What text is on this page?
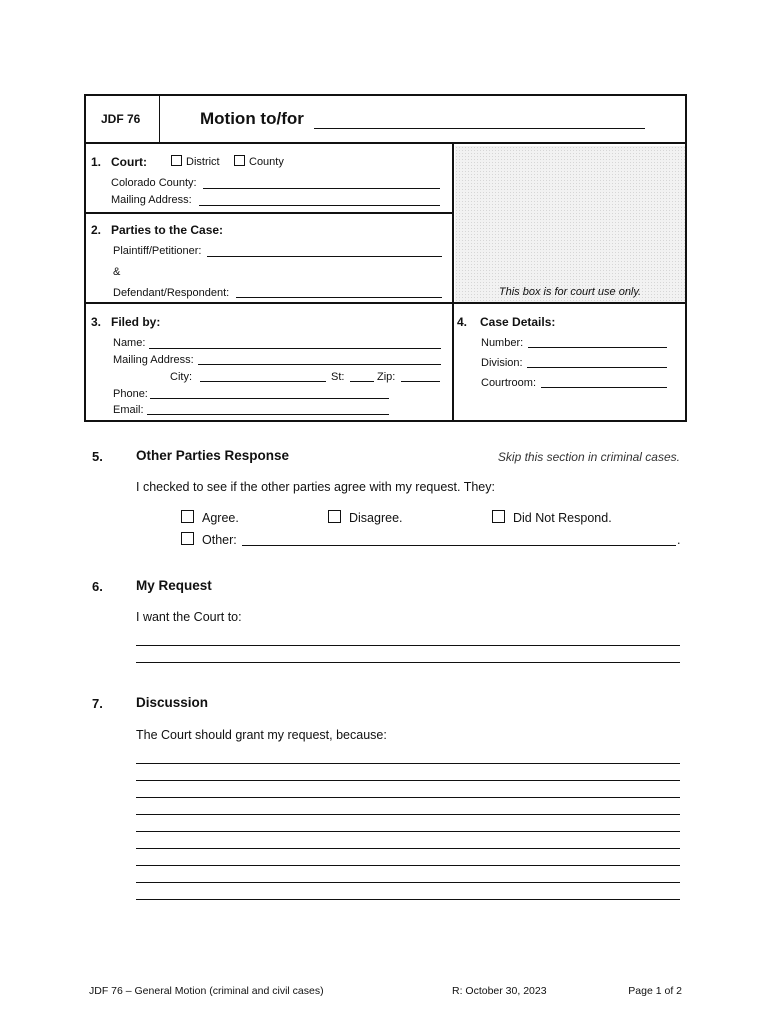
JDF 76	Motion to/for
This box is for court use only.
1. Court:	District	County
Colorado County:
Mailing Address:
2. Parties to the Case:
Plaintiff/Petitioner:
&
Defendant/Respondent:
3. Filed by:
Name:
Mailing Address:
City:	St:	Zip:
Phone:
Email:
4. Case Details:
Number:
Division:
Courtroom:
5. Other Parties Response	Skip this section in criminal cases.
I checked to see if the other parties agree with my request. They:
Agree.	Disagree.	Did Not Respond.
Other:	.
6. My Request
I want the Court to:
7. Discussion
The Court should grant my request, because:
JDF 76 – General Motion (criminal and civil cases)	R: October 30, 2023	Page 1 of 2
